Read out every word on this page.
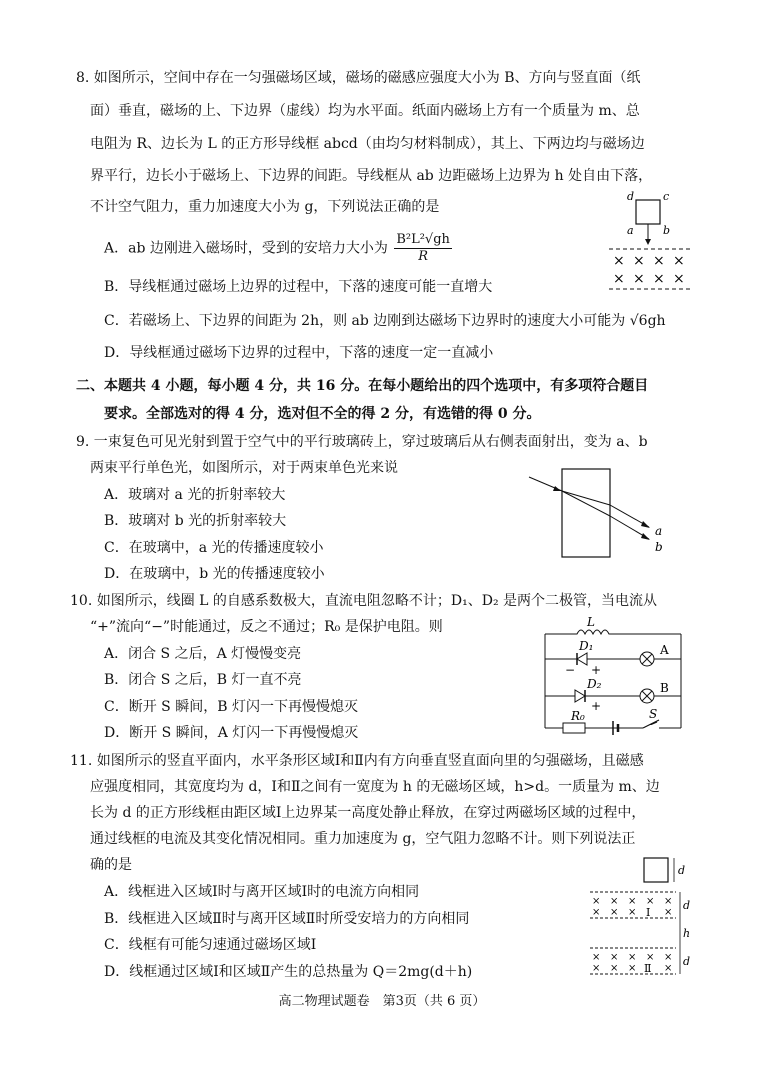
8. 如图所示，空间中存在一匀强磁场区域，磁场的磁感应强度大小为 B、方向与竖直面（纸
面）垂直，磁场的上、下边界（虚线）均为水平面。纸面内磁场上方有一个质量为 m、总
电阻为 R、边长为 L 的正方形导线框 abcd（由均匀材料制成），其上、下两边均与磁场边
界平行，边长小于磁场上、下边界的间距。导线框从 ab 边距磁场上边界为 h 处自由下落，
不计空气阻力，重力加速度大小为 g，下列说法正确的是
A．ab 边刚进入磁场时，受到的安培力大小为 $\frac{\text{B²L²√gh}}{R}$
B．导线框通过磁场上边界的过程中，下落的速度可能一直增大
C．若磁场上、下边界的间距为 2h，则 ab 边刚到达磁场下边界时的速度大小可能为 √6gh
D．导线框通过磁场下边界的过程中，下落的速度一定一直减小
d	c
a	b
× × × ×
× × × ×
二、本题共 4 小题，每小题 4 分，共 16 分。在每小题给出的四个选项中，有多项符合题目
要求。全部选对的得 4 分，选对但不全的得 2 分，有选错的得 0 分。
9. 一束复色可见光射到置于空气中的平行玻璃砖上，穿过玻璃后从右侧表面射出，变为 a、b
两束平行单色光，如图所示，对于两束单色光来说
A．玻璃对 a 光的折射率较大
B．玻璃对 b 光的折射率较大
C．在玻璃中，a 光的传播速度较小
D．在玻璃中，b 光的传播速度较小
a
b
10. 如图所示，线圈 L 的自感系数极大，直流电阻忽略不计；D₁、D₂ 是两个二极管，当电流从
“+”流向“−”时能通过，反之不通过；R₀ 是保护电阻。则
A．闭合 S 之后，A 灯慢慢变亮
B．闭合 S 之后，B 灯一直不亮
C．断开 S 瞬间，B 灯闪一下再慢慢熄灭
D．断开 S 瞬间，A 灯闪一下再慢慢熄灭
L
D₁
− +
A
D₂
+
B
R₀	S
11. 如图所示的竖直平面内，水平条形区域Ⅰ和Ⅱ内有方向垂直竖直面向里的匀强磁场，且磁感
应强度相同，其宽度均为 d，Ⅰ和Ⅱ之间有一宽度为 h 的无磁场区域，h>d。一质量为 m、边
长为 d 的正方形线框由距区域Ⅰ上边界某一高度处静止释放，在穿过两磁场区域的过程中，
通过线框的电流及其变化情况相同。重力加速度为 g，空气阻力忽略不计。则下列说法正
确的是
A．线框进入区域Ⅰ时与离开区域Ⅰ时的电流方向相同
B．线框进入区域Ⅱ时与离开区域Ⅱ时所受安培力的方向相同
C．线框有可能匀速通过磁场区域Ⅰ
D．线框通过区域Ⅰ和区域Ⅱ产生的总热量为 Q＝2mg(d＋h)
d
× × × × ×
× × ×	×
Ⅰ
× × × × ×
× × ×	×
Ⅱ
d
h
d
高二物理试题卷　第3页（共 6 页）
